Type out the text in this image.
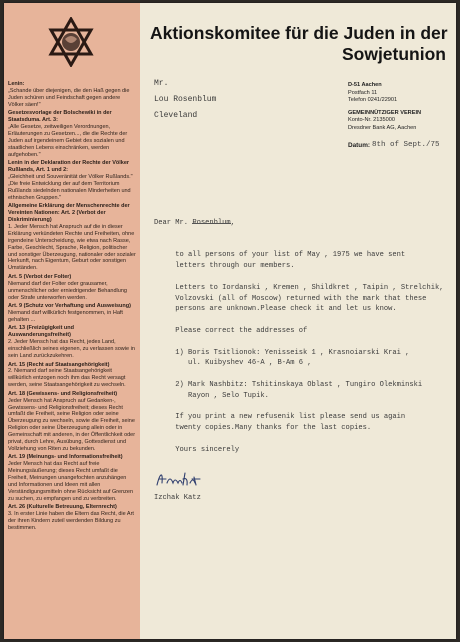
Lenin:
„Schande über diejenigen, die den Haß gegen die Juden schüren und Feindschaft gegen andere Völker säen!"

Gesetzesvorlage der Bolschewiki in der Staatsduma. Art. 3:
„Alle Gesetze, zeitweiligen Verordnungen, Erläuterungen zu Gesetzen..., die die Rechte der Juden auf irgendeinem Gebiet des sozialen und staatlichen Lebens einschränken, werden aufgehoben."

Lenin in der Deklaration der Rechte der Völker Rußlands, Art. 1 und 2:
„Gleichheit und Souveränität der Völker Rußlands." „Die freie Entwicklung der auf dem Territorium Rußlands siedelnden nationalen Minderheiten und ethnischen Gruppen."

Allgemeine Erklärung der Menschenrechte der Vereinten Nationen: Art. 2 (Verbot der Diskriminierung)
1. Jeder Mensch hat Anspruch auf die in dieser Erklärung verkündeten Rechte und Freiheiten, ohne irgendeine Unterscheidung, wie etwa nach Rasse, Farbe, Geschlecht, Sprache, Religion, politischer und sonstiger Überzeugung, nationaler oder sozialer Herkunft, nach Eigentum, Geburt oder sonstigen Umständen.

Art. 5 (Verbot der Folter)
Niemand darf der Folter oder grausamer, unmenschlicher oder erniedrigender Behandlung oder Strafe unterworfen werden.

Art. 9 (Schutz vor Verhaftung und Ausweisung)
Niemand darf willkürlich festgenommen, in Haft gehalten ...

Art. 13 (Freizügigkeit und Auswanderungsfreiheit)
2. Jeder Mensch hat das Recht, jedes Land, einschließlich seines eigenen, zu verlassen sowie in sein Land zurückzukehren.

Art. 15 (Recht auf Staatsangehörigkeit)
2. Niemand darf seine Staatsangehörigkeit willkürlich entzogen noch ihm das Recht versagt werden, seine Staatsangehörigkeit zu wechseln.

Art. 18 (Gewissens- und Religionsfreiheit)
Jeder Mensch hat Anspruch auf Gedanken-, Gewissens- und Religionsfreiheit; dieses Recht umfaßt die Freiheit, seine Religion oder seine Überzeugung zu wechseln, sowie die Freiheit, seine Religion oder seine Überzeugung allein oder in Gemeinschaft mit anderen, in der Öffentlichkeit oder privat, durch Lehre, Ausübung, Gottesdienst und Vollziehung von Riten zu bekunden.

Art. 19 (Meinungs- und Informationsfreiheit)
Jeder Mensch hat das Recht auf freie Meinungsäußerung; dieses Recht umfaßt die Freiheit, Meinungen unangefochten anzuhängen und Informationen und Ideen mit allen Verständigungsmitteln ohne Rücksicht auf Grenzen zu suchen, zu empfangen und zu verbreiten.

Art. 26 (Kulturelle Betreuung, Elternrecht)
3. In erster Linie haben die Eltern das Recht, die Art der ihren Kindern zuteil werdenden Bildung zu bestimmen.

Aktionskomitee für die Juden in der
Sowjetunion
Mr.
Lou Rosenblum
Cleveland
D-51 Aachen
Postfach 11
Telefon 0241/22901
GEMEINNÜTZIGER VEREIN
Konto-Nr. 2135000
Dresdner Bank AG, Aachen
Datum: 8th of Sept./75
Dear Mr. Rosenblum,

to all persons of your list of May , 1975 we have sent
letters through our members.

Letters to Iordanski , Kremen , Shildkret , Taipin , Strelchik,
Volzovski (all of Moscow) returned with the mark that these
persons are unknown.Please check it and let us know.

Please correct the addresses of

1) Boris Tsitlionok: Yenisseisk 1 , Krasnoiarski Krai ,
ul. Kuibyshev 46-A , B-Am 6 ,

2) Mark Nashbitz: Tshitinskaya Oblast , Tungiro Olekminski
Rayon , Selo Tupik.

If you print a new refusenik list please send us again
twenty copies.Many thanks for the last copies.

Yours sincerely

Izchak Katz
